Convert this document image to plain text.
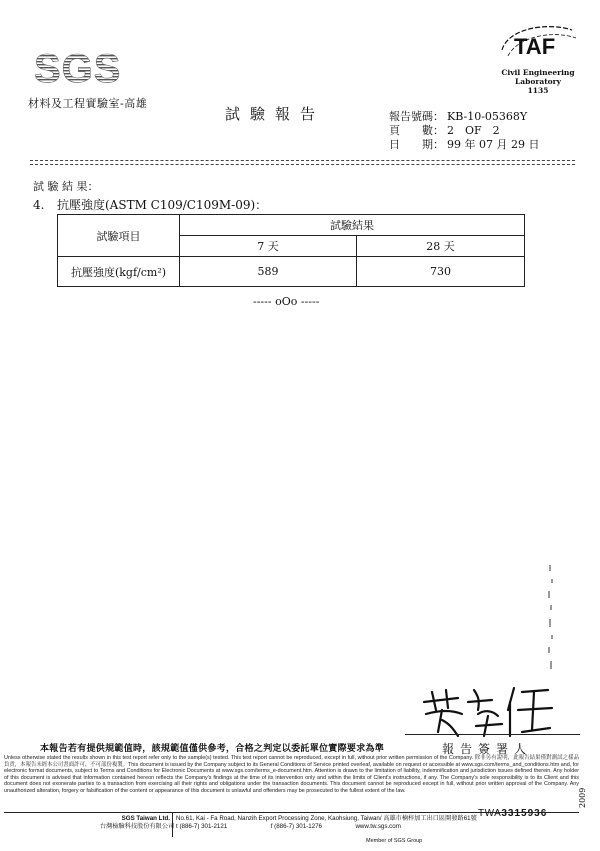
SGS
材料及工程實驗室-高雄
試驗報告
TAF
Civil Engineering
Laboratory
1135
報告號碼： KB-10-05368Y
頁　　數： 2　OF　2
日　　期： 99 年 07 月 29 日
試 驗 結 果：
4. 抗壓強度(ASTM C109/C109M-09)：
試驗項目	試驗結果	
	7 天	28 天
抗壓強度(kgf/cm²)	589	730
----- oOo -----
報告簽署人
本報告若有提供規範值時，該規範值僅供參考，合格之判定以委託單位實際要求為準
Unless otherwise stated the results shown in this test report refer only to the sample(s) tested. This test report cannot be reproduced, except in full, without prior written permission of the Company. 除非另有說明，此報告結果僅對測試之樣品負責，本報告未經本公司書面許可，不可部份複製。This document is issued by the Company subject to its General Conditions of Service printed overleaf, available on request or accessible at www.sgs.com/terms_and_conditions.htm and, for electronic format documents, subject to Terms and Conditions for Electronic Documents at www.sgs.com/terms_e-document.htm. Attention is drawn to the limitation of liability, indemnification and jurisdiction issues defined therein. Any holder of this document is advised that information contained hereon reflects the Company's findings at the time of its intervention only and within the limits of Client's instructions, if any. The Company's sole responsibility is to its Client and this document does not exonerate parties to a transaction from exercising all their rights and obligations under the transaction documents. This document cannot be reproduced except in full, without prior written approval of the Company. Any unauthorized alteration, forgery or falsification of the content or appearance of this document is unlawful and offenders may be prosecuted to the fullest extent of the law.
TWA3315936
2009
SGS Taiwan Ltd.
台灣檢驗科技股份有限公司
No.61, Kai - Fa Road, Nanzih Export Processing Zone, Kaohsiung, Taiwan/ 高雄市楠梓加工出口區開發路61號
t (886-7) 301-2121	f (886-7) 301-1276	www.tw.sgs.com
Member of SGS Group
